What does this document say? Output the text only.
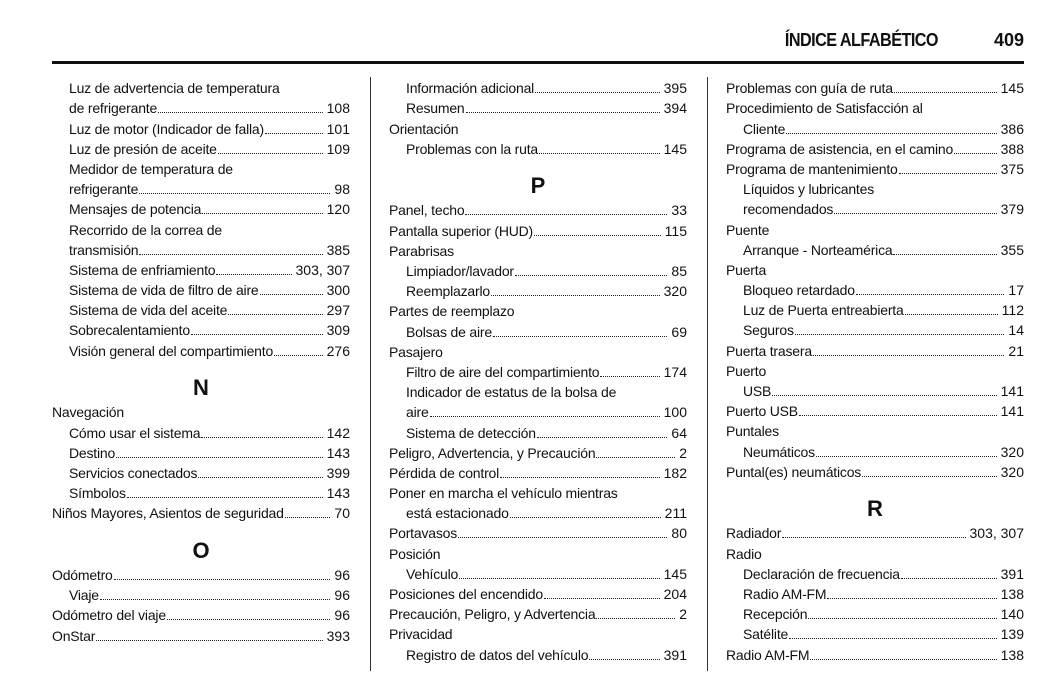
ÍNDICE ALFABÉTICO	409
Luz de advertencia de temperatura
de refrigerante	108
Luz de motor (Indicador de falla)	101
Luz de presión de aceite	109
Medidor de temperatura de
refrigerante	98
Mensajes de potencia	120
Recorrido de la correa de
transmisión	385
Sistema de enfriamiento	303, 307
Sistema de vida de filtro de aire	300
Sistema de vida del aceite	297
Sobrecalentamiento	309
Visión general del compartimiento	276
N
Navegación
Cómo usar el sistema	142
Destino	143
Servicios conectados	399
Símbolos	143
Niños Mayores, Asientos de seguridad	70
O
Odómetro	96
Viaje	96
Odómetro del viaje	96
OnStar	393
Información adicional	395
Resumen	394
Orientación
Problemas con la ruta	145
P
Panel, techo	33
Pantalla superior (HUD)	115
Parabrisas
Limpiador/lavador	85
Reemplazarlo	320
Partes de reemplazo
Bolsas de aire	69
Pasajero
Filtro de aire del compartimiento	174
Indicador de estatus de la bolsa de
aire	100
Sistema de detección	64
Peligro, Advertencia, y Precaución	2
Pérdida de control	182
Poner en marcha el vehículo mientras
está estacionado	211
Portavasos	80
Posición
Vehículo	145
Posiciones del encendido	204
Precaución, Peligro, y Advertencia	2
Privacidad
Registro de datos del vehículo	391
Problemas con guía de ruta	145
Procedimiento de Satisfacción al
Cliente	386
Programa de asistencia, en el camino	388
Programa de mantenimiento	375
Líquidos y lubricantes
recomendados	379
Puente
Arranque - Norteamérica	355
Puerta
Bloqueo retardado	17
Luz de Puerta entreabierta	112
Seguros	14
Puerta trasera	21
Puerto
USB	141
Puerto USB	141
Puntales
Neumáticos	320
Puntal(es) neumáticos	320
R
Radiador	303, 307
Radio
Declaración de frecuencia	391
Radio AM-FM	138
Recepción	140
Satélite	139
Radio AM-FM	138
